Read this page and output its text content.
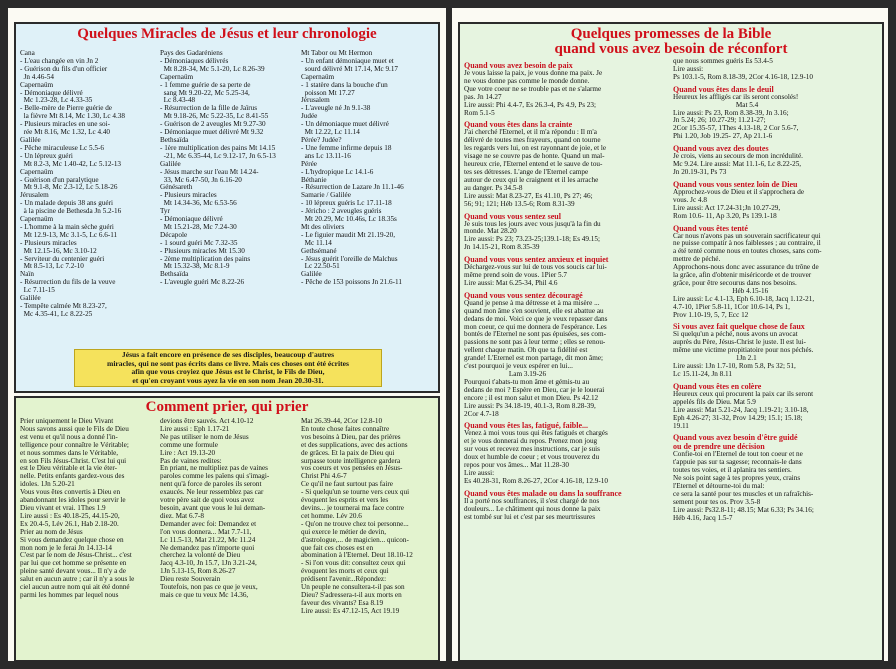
Quelques Miracles de Jésus et leur chronologie

Cana
- L'eau changée en vin Jn 2
- Guérison du fils d'un officier
Jn 4.46-54
Capernaüm
- Démoniaque délivré
Mc 1.23-28, Lc 4.33-35
- Belle-mère de Pierre guérie de
la fièvre Mt 8.14, Mc 1.30, Lc 4.38
- Plusieurs miracles en une soi-
rée Mt 8.16, Mc 1.32, Lc 4.40
Galilée
- Pêche miraculeuse Lc 5.5-6
- Un lépreux guéri
Mt 8.2-3, Mc 1.40-42, Lc 5.12-13
Capernaüm
- Guérison d'un paralytique
Mt 9.1-8, Mc 2.3-12, Lc 5.18-26
Jérusalem
- Un malade depuis 38 ans guéri
à la piscine de Bethesda Jn 5.2-16
Capernaüm
- L'homme à la main sèche guéri
Mt 12.9-13, Mc 3.1-5, Lc 6.6-11
- Plusieurs miracles
Mt 12.15-16, Mc 3.10-12
- Serviteur du centenier guéri
Mt 8.5-13, Lc 7.2-10
Naïn
- Résurrection du fils de la veuve
Lc 7.11-15
Galilée
- Tempête calmée Mt 8.23-27,
Mc 4.35-41, Lc 8.22-25

Pays des Gadaréniens
- Démoniaques délivrés
Mt 8.28-34, Mc 5.1-20, Lc 8.26-39
Capernaüm
- 1 femme guérie de sa perte de
sang Mt 9.20-22, Mc 5.25-34,
Lc 8.43-48
- Résurrection de la fille de Jaïrus
Mt 9.18-26, Mc 5.22-35, Lc 8.41-55
- Guérison de 2 aveugles Mt 9.27-30
- Démoniaque muet délivré Mt 9.32
Bethsaïda
- 1ère multiplication des pains Mt 14.15
-21, Mc 6.35-44, Lc 9.12-17, Jn 6.5-13
Galilée
- Jésus marche sur l'eau Mt 14.24-
33, Mc 6.47-50, Jn 6.16-20
Génésareth
- Plusieurs miracles
Mt 14.34-36, Mc 6.53-56
Tyr
- Démoniaque délivré
Mt 15.21-28, Mc 7.24-30
Décapole
- 1 sourd guéri Mc 7.32-35
- Plusieurs miracles Mt 15.30
- 2ème multiplication des pains
Mt 15.32-38, Mc 8.1-9
Bethsaïda
- L'aveugle guéri Mc 8.22-26

Mt Tabor ou Mt Hermon
- Un enfant démoniaque muet et
sourd délivré Mt 17.14, Mc 9.17
Capernaüm
- 1 statère dans la bouche d'un
poisson Mt 17.27
Jérusalem
- L'aveugle né Jn 9.1-38
Judée
- Un démoniaque muet délivré
Mt 12.22, Lc 11.14
Pérée? Judée?
- Une femme infirme depuis 18
ans Lc 13.11-16
Pérée
- L'hydropique Lc 14.1-6
Béthanie
- Résurrection de Lazare Jn 11.1-46
Samarie / Galilée
- 10 lépreux guéris Lc 17.11-18
- Jéricho : 2 aveugles guéris
Mt 20.29, Mc 10.46s, Lc 18.35s
Mt des oliviers
- Le figuier maudit Mt 21.19-20,
Mc 11.14
Gethsémané
- Jésus guérit l'oreille de Malchus
Lc 22.50-51
Galilée
- Pêche de 153 poissons Jn 21.6-11

Jésus a fait encore en présence de ses disciples, beaucoup d'autres
miracles, qui ne sont pas écrits dans ce livre. Mais ces choses ont été écrites
afin que vous croyiez que Jésus est le Christ, le Fils de Dieu,
et qu'en croyant vous ayez la vie en son nom Jean 20.30-31.
Comment prier, qui prier

Prier uniquement le Dieu Vivant
Nous savons aussi que le Fils de Dieu
est venu et qu'il nous a donné l'in-
telligence pour connaître le Véritable;
et nous sommes dans le Véritable,
en son Fils Jésus-Christ. C'est lui qui
est le Dieu véritable et la vie éter-
nelle. Petits enfants gardez-vous des
idoles. 1Jn 5.20-21
Vous vous êtes convertis à Dieu en
abandonnant les idoles pour servir le
Dieu vivant et vrai. 1Thes 1.9
Lire aussi : Es 40.18-25, 44.15-20,
Ex 20.4-5, Lév 26.1, Hab 2.18-20.
Prier au nom de Jésus
Si vous demandez quelque chose en
mon nom je le ferai Jn 14.13-14
C'est par le nom de Jésus-Christ... c'est
par lui que cet homme se présente en
pleine santé devant vous... Il n'y a de
salut en aucun autre ; car il n'y a sous le
ciel aucun autre nom qui ait été donné
parmi les hommes par lequel nous

devions être sauvés. Act 4.10-12
Lire aussi : Eph 1.17-21
Ne pas utiliser le nom de Jésus
comme une formule
Lire : Act 19.13-20
Pas de vaines redites:
En priant, ne multipliez pas de vaines
paroles comme les païens qui s'imagi-
nent qu'à force de paroles ils seront
exaucés. Ne leur ressemblez pas car
votre père sait de quoi vous avez
besoin, avant que vous le lui deman-
diez. Mat 6.7-8
Demander avec foi: Demandez et
l'on vous donnera... Mat 7.7-11,
Lc 11.5-13, Mat 21.22, Mc 11.24
Ne demandez pas n'importe quoi
cherchez la volonté de Dieu
Jacq 4.3-10, Jn 15.7, 1Jn 3.21-24,
1Jn 5.13-15, Rom 8.26-27
Dieu reste Souverain
Toutefois, non pas ce que je veux,
mais ce que tu veux Mc 14.36,

Mat 26.39-44, 2Cor 12.8-10
En toute chose faites connaître
vos besoins à Dieu, par des prières
et des supplications, avec des actions
de grâces. Et la paix de Dieu qui
surpasse toute intelligence gardera
vos coeurs et vos pensées en Jésus-
Christ Phi 4.6-7
Ce qu'il ne faut surtout pas faire
- Si quelqu'un se tourne vers ceux qui
évoquent les esprits et vers les
devins... je tournerai ma face contre
cet homme. Lév 20.6
- Qu'on ne trouve chez toi personne...
qui exerce le métier de devin,
d'astrologue,... de magicien... quicon-
que fait ces choses est en
abomination à l'Eternel. Deut 18.10-12
- Si l'on vous dit: consultez ceux qui
évoquent les morts et ceux qui
prédisent l'avenir...Répondez:
Un peuple ne consultera-t-il pas son
Dieu? S'adressera-t-il aux morts en
faveur des vivants? Esa 8.19
Lire aussi: Es 47.12-15, Act 19.19

Quelques promesses de la Bible
quand vous avez besoin de réconfort
Quand vous avez besoin de paix

Je vous laisse la paix, je vous donne ma paix. Je
ne vous donne pas comme le monde donne.
Que votre coeur ne se trouble pas et ne s'alarme
pas. Jn 14.27
Lire aussi: Phi 4.4-7, Es 26.3-4, Ps 4.9, Ps 23;
Rom 5.1-5

Quand vous êtes dans la crainte

J'ai cherché l'Eternel, et il m'a répondu : Il m'a
délivré de toutes mes frayeurs, quand on tourne
les regards vers lui, on est rayonnant de joie, et le
visage ne se couvre pas de honte. Quand un mal-
heureux crie, l'Eternel entend et le sauve de tou-
tes ses détresses. L'ange de l'Eternel campe
autour de ceux qui le craignent et il les arrache
au danger. Ps 34.5-8
Lire aussi: Mat 8.23-27, Es 41.10, Ps 27; 46;
56; 91; 121; Héb 13.5-6; Rom 8.31-39

Quand vous vous sentez seul

Je suis tous les jours avec vous jusqu'à la fin du
monde. Mat 28.20
Lire aussi: Ps 23; 73.23-25;139.1-18; Es 49.15;
Jn 14.15-21, Rom 8.35-39

Quand vous vous sentez anxieux et inquiet

Déchargez-vous sur lui de tous vos soucis car lui-
même prend soin de vous. 1Pier 5.7
Lire aussi: Mat 6.25-34, Phil 4.6

Quand vous vous sentez découragé

Quand je pense à ma détresse et à ma misère ...
quand mon âme s'en souvient, elle est abattue au
dedans de moi. Voici ce que je veux repasser dans
mon coeur, ce qui me donnera de l'espérance. Les
bontés de l'Eternel ne sont pas épuisées, ses com-
passions ne sont pas à leur terme ; elles se renou-
vellent chaque matin. Oh que ta fidélité est
grande! L'Eternel est mon partage, dit mon âme;
c'est pourquoi je veux espérer en lui...
Lam 3.19-26
Pourquoi t'abats-tu mon âme et gémis-tu au
dedans de moi ? Espère en Dieu, car je le louerai
encore ; il est mon salut et mon Dieu. Ps 42.12
Lire aussi: Ps 34.18-19, 40.1-3, Rom 8.28-39,
2Cor 4.7-18

Quand vous êtes las, fatigué, faible...

Venez à moi vous tous qui êtes fatigués et chargés
et je vous donnerai du repos. Prenez mon joug
sur vous et recevez mes instructions, car je suis
doux et humble de coeur ; et vous trouverez du
repos pour vos âmes... Mat 11.28-30
Lire aussi:
Es 40.28-31, Rom 8.26-27, 2Cor 4.16-18, 12.9-10

Quand vous êtes malade ou dans la souffrance

Il a porté nos souffrances, il s'est chargé de nos
douleurs... Le châtiment qui nous donne la paix
est tombé sur lui et c'est par ses meurtrissures

que nous sommes guéris Es 53.4-5
Lire aussi:
Ps 103.1-5, Rom 8.18-39, 2Cor 4.16-18, 12.9-10

Quand vous êtes dans le deuil

Heureux les affligés car ils seront consolés!
Mat 5.4
Lire aussi: Ps 23, Rom 8.38-39, Jn 3.16;
Jn 5.24; 26; 10.27-29; 11.21-27;
2Cor 15.35-57, 1Thes 4.13-18, 2 Cor 5.6-7,
Phi 1.20, Job 19.25- 27, Ap 21.1-6

Quand vous avez des doutes

Je crois, viens au secours de mon incrédulité.
Mc 9.24. Lire aussi: Mat 11.1-6, Lc 8.22-25,
Jn 20.19-31, Ps 73

Quand vous vous sentez loin de Dieu

Approchez-vous de Dieu et il s'approchera de
vous. Jc 4.8
Lire aussi: Act 17.24-31;Jn 10.27-29,
Rom 10.6- 11, Ap 3.20, Ps 139.1-18

Quand vous êtes tenté

Car nous n'avons pas un souverain sacrificateur qui
ne puisse compatir à nos faiblesses ; au contraire, il
a été tenté comme nous en toutes choses, sans com-
mettre de péché.
Approchons-nous donc avec assurance du trône de
la grâce, afin d'obtenir miséricorde et de trouver
grâce, pour être secourus dans nos besoins.
Héb 4.15-16
Lire aussi: Lc 4.1-13, Eph 6.10-18, Jacq 1.12-21,
4.7-10, 1Pier 5.8-11, 1Cor 10.6-14, Ps 1,
Prov 1.10-19, 5, 7, Ecc 12

Si vous avez fait quelque chose de faux

Si quelqu'un a péché, nous avons un avocat
auprès du Père, Jésus-Christ le juste. Il est lui-
même une victime propitiatoire pour nos péchés.
1Jn 2.1
Lire aussi: 1Jn 1.7-10, Rom 5.8, Ps 32; 51,
Lc 15.11-24, Jn 8.11

Quand vous êtes en colère

Heureux ceux qui procurent la paix car ils seront
appelés fils de Dieu. Mat 5.9
Lire aussi: Mat 5.21-24, Jacq 1.19-21; 3.10-18,
Eph 4.26-27; 31-32, Prov 14.29; 15.1; 15.18;
19.11

Quand vous avez besoin d'être guidé
ou de prendre une décision

Confie-toi en l'Eternel de tout ton coeur et ne
t'appuie pas sur ta sagesse; reconnais-le dans
toutes tes voies, et il aplanira tes sentiers.
Ne sois point sage à tes propres yeux, crains
l'Eternel et détourne-toi du mal:
ce sera la santé pour tes muscles et un rafraîchis-
sement pour tes os. Prov 3.5-8
Lire aussi: Ps32.8-11; 48.15; Mat 6.33; Ps 34.16;
Héb 4.16, Jacq 1.5-7
